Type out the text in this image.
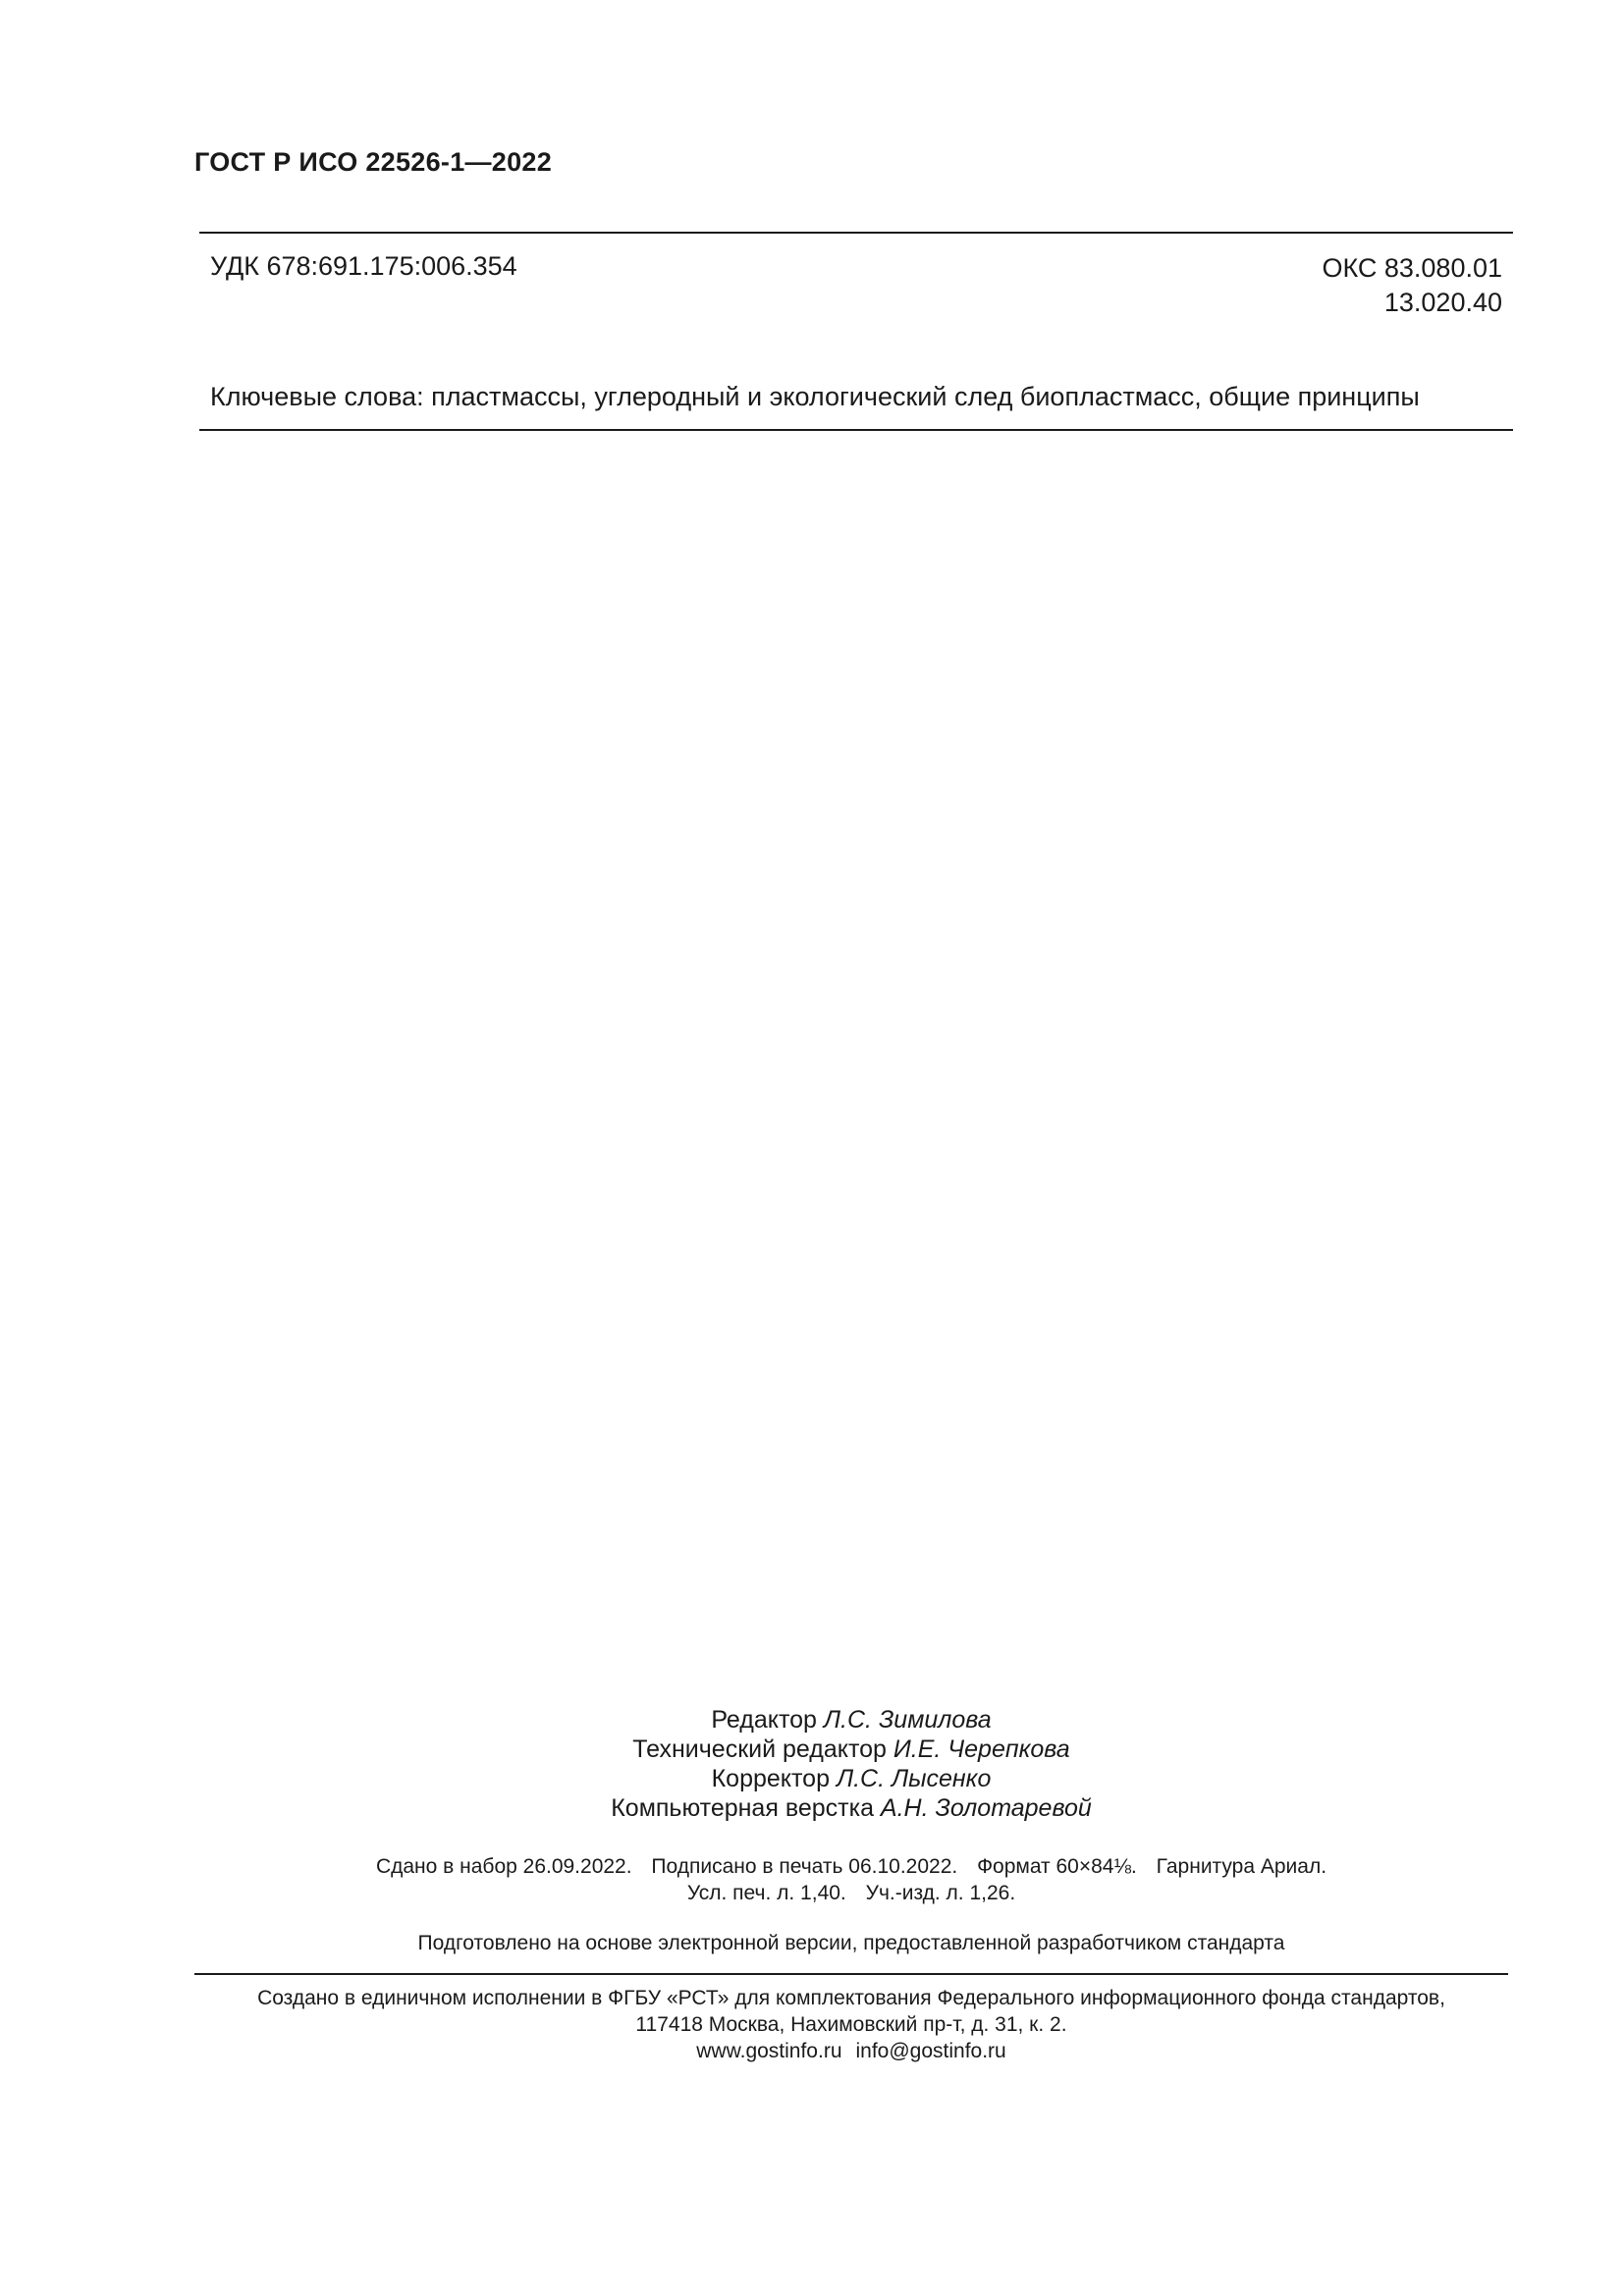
ГОСТ Р ИСО 22526-1—2022
УДК 678:691.175:006.354	ОКС 83.080.01
13.020.40
Ключевые слова: пластмассы, углеродный и экологический след биопластмасс, общие принципы
Редактор Л.С. Зимилова
Технический редактор И.Е. Черепкова
Корректор Л.С. Лысенко
Компьютерная верстка А.Н. Золотаревой
Сдано в набор 26.09.2022. Подписано в печать 06.10.2022. Формат 60×84⅛. Гарнитура Ариал.
Усл. печ. л. 1,40. Уч.-изд. л. 1,26.
Подготовлено на основе электронной версии, предоставленной разработчиком стандарта
Создано в единичном исполнении в ФГБУ «РСТ» для комплектования Федерального информационного фонда стандартов,
117418 Москва, Нахимовский пр-т, д. 31, к. 2.
www.gostinfo.ru info@gostinfo.ru
